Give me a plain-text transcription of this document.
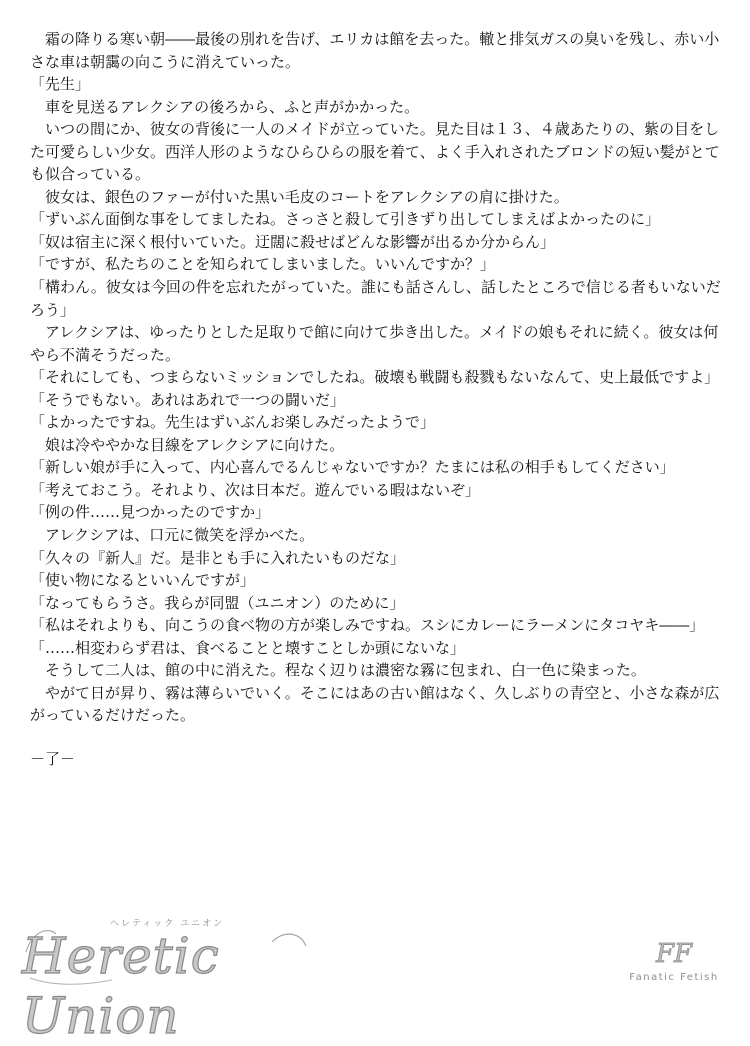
　霜の降りる寒い朝――最後の別れを告げ、エリカは館を去った。轍と排気ガスの臭いを残し、赤い小さな車は朝靄の向こうに消えていった。

「先生」

　車を見送るアレクシアの後ろから、ふと声がかかった。

　いつの間にか、彼女の背後に一人のメイドが立っていた。見た目は１３、４歳あたりの、紫の目をした可愛らしい少女。西洋人形のようなひらひらの服を着て、よく手入れされたブロンドの短い髪がとても似合っている。

　彼女は、銀色のファーが付いた黒い毛皮のコートをアレクシアの肩に掛けた。

「ずいぶん面倒な事をしてましたね。さっさと殺して引きずり出してしまえばよかったのに」

「奴は宿主に深く根付いていた。迂闊に殺せばどんな影響が出るか分からん」

「ですが、私たちのことを知られてしまいました。いいんですか？」

「構わん。彼女は今回の件を忘れたがっていた。誰にも話さんし、話したところで信じる者もいないだろう」

　アレクシアは、ゆったりとした足取りで館に向けて歩き出した。メイドの娘もそれに続く。彼女は何やら不満そうだった。

「それにしても、つまらないミッションでしたね。破壊も戦闘も殺戮もないなんて、史上最低ですよ」

「そうでもない。あれはあれで一つの闘いだ」

「よかったですね。先生はずいぶんお楽しみだったようで」

　娘は冷ややかな目線をアレクシアに向けた。

「新しい娘が手に入って、内心喜んでるんじゃないですか？たまには私の相手もしてください」

「考えておこう。それより、次は日本だ。遊んでいる暇はないぞ」

「例の件……見つかったのですか」

　アレクシアは、口元に微笑を浮かべた。

「久々の『新人』だ。是非とも手に入れたいものだな」

「使い物になるといいんですが」

「なってもらうさ。我らが同盟（ユニオン）のために」

「私はそれよりも、向こうの食べ物の方が楽しみですね。スシにカレーにラーメンにタコヤキ――」

「……相変わらず君は、食べることと壊すことしか頭にないな」

　そうして二人は、館の中に消えた。程なく辺りは濃密な霧に包まれ、白一色に染まった。

　やがて日が昇り、霧は薄らいでいく。そこにはあの古い館はなく、久しぶりの青空と、小さな森が広がっているだけだった。

－了－
ヘレティック ユニオン
Heretic Union
FF
Fanatic Fetish
